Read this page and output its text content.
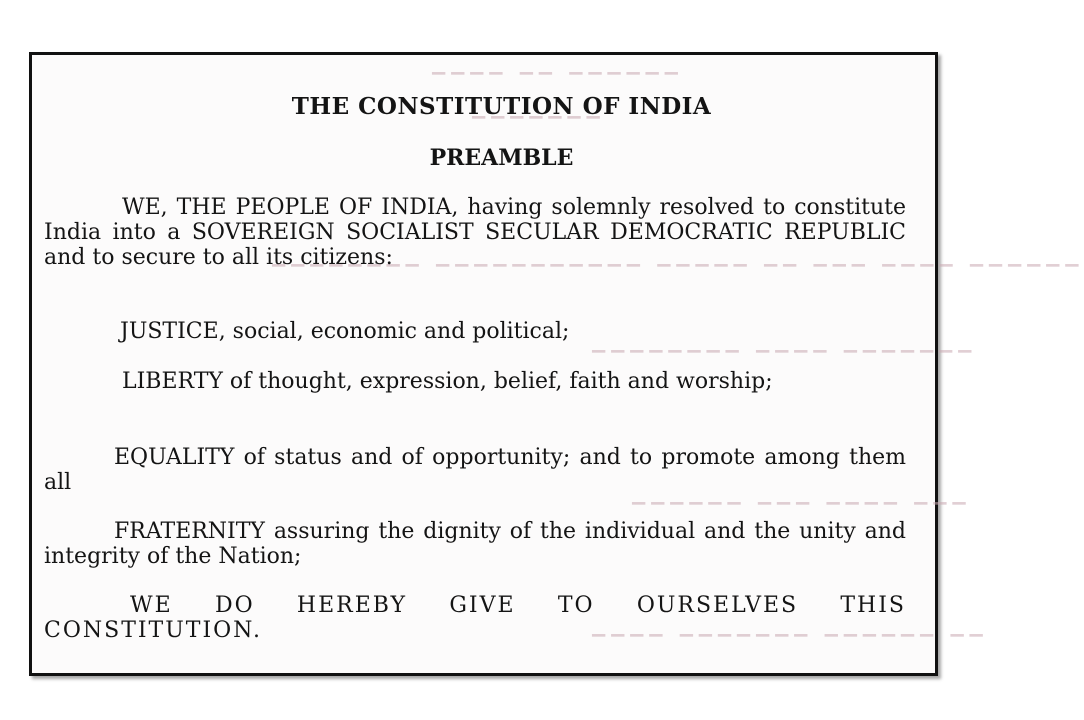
▔▔▔▔ ▔▔ ▔▔▔▔▔▔
▔▔▔▔▔▔▔
▔▔▔▔▔▔▔▔ ▔▔▔▔▔▔▔▔▔▔▔ ▔▔▔▔▔ ▔▔ ▔▔▔ ▔▔▔▔ ▔▔▔▔▔▔
▔▔▔▔▔▔▔▔ ▔▔▔▔ ▔▔▔▔▔▔▔
▔▔▔▔▔▔ ▔▔▔ ▔▔▔▔ ▔▔▔
▔▔▔▔ ▔▔▔▔▔▔▔ ▔▔▔▔▔▔ ▔▔
THE CONSTITUTION OF INDIA
PREAMBLE
WE, THE PEOPLE OF INDIA, having solemnly resolved to constitute India into a SOVEREIGN SOCIALIST SECULAR DEMOCRATIC REPUBLIC and to secure to all its citizens:
JUSTICE, social, economic and political;
LIBERTY of thought, expression, belief, faith and worship;
EQUALITY of status and of opportunity; and to promote among them all
FRATERNITY assuring the dignity of the individual and the unity and integrity of the Nation;
WE DO HEREBY GIVE TO OURSELVES THIS CONSTITUTION.
